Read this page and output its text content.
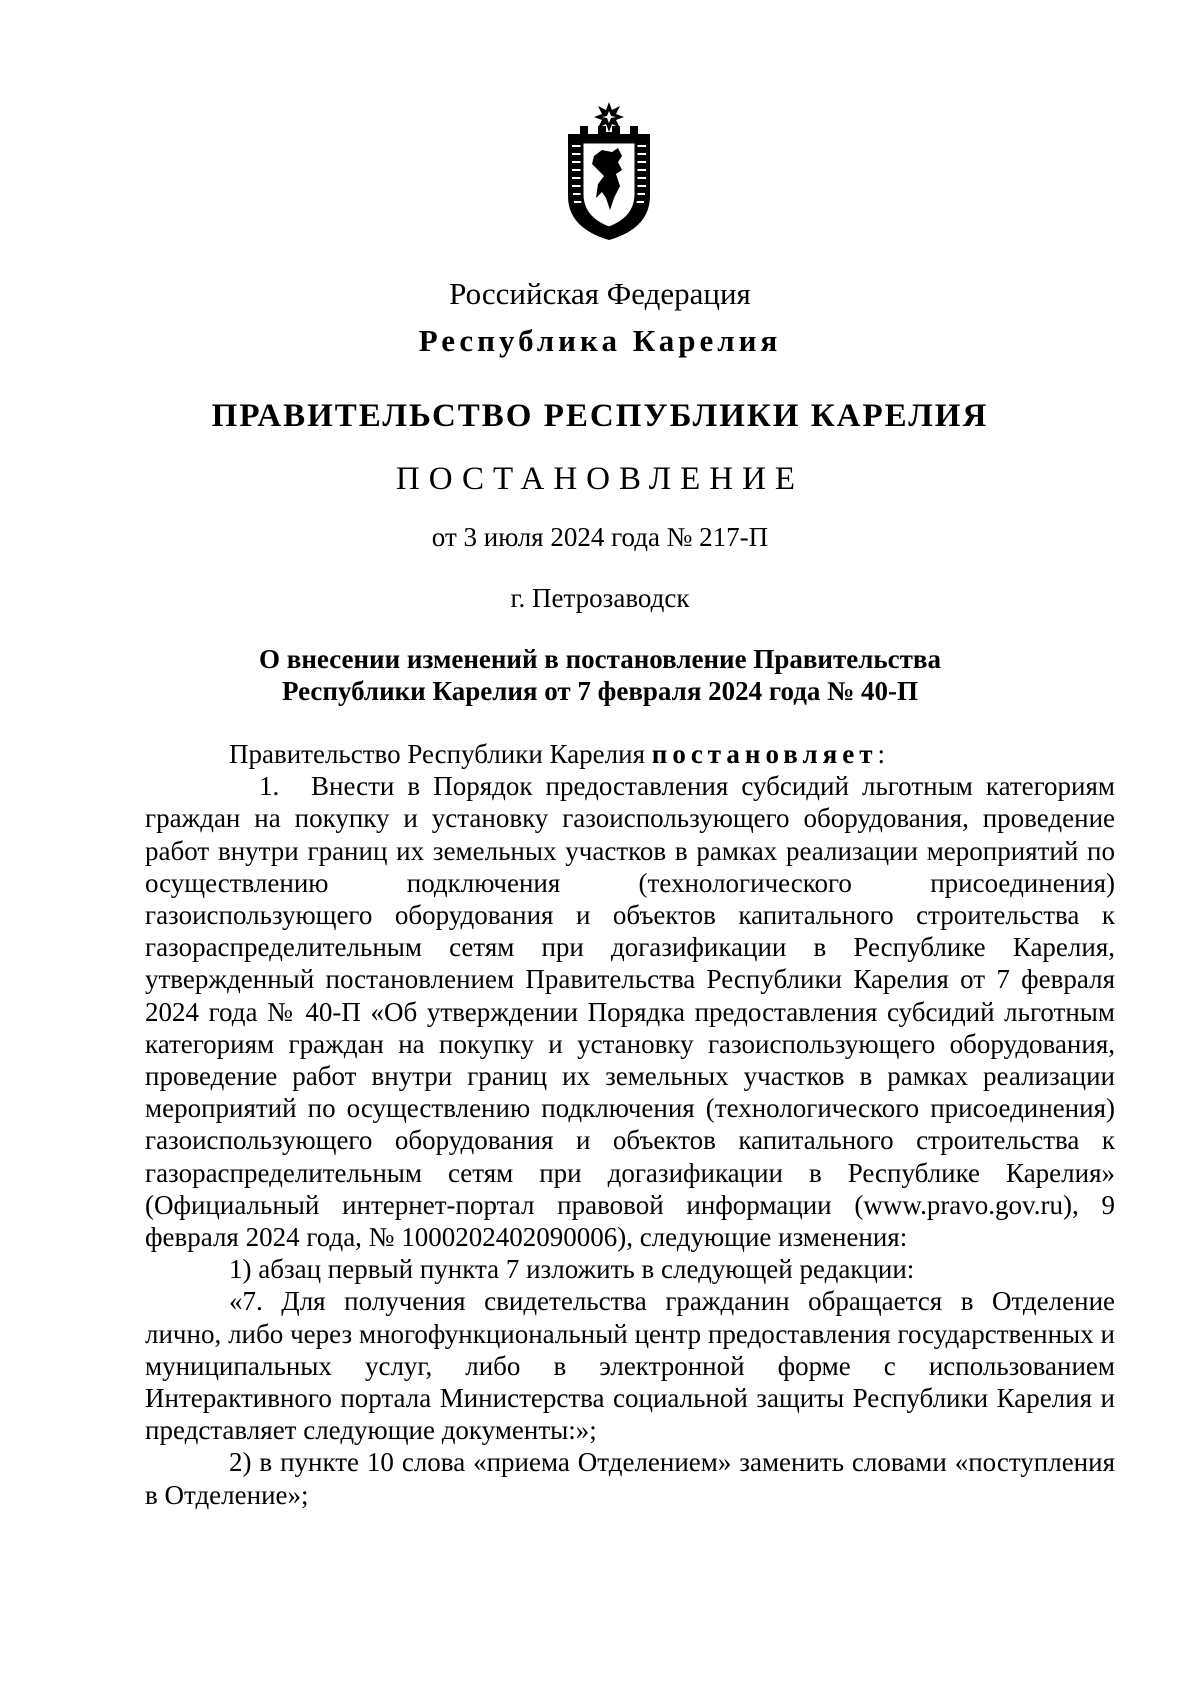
Российская Федерация
Республика Карелия
ПРАВИТЕЛЬСТВО РЕСПУБЛИКИ КАРЕЛИЯ
ПОСТАНОВЛЕНИЕ
от 3 июля 2024 года № 217-П
г. Петрозаводск
О внесении изменений в постановление Правительства
Республики Карелия от 7 февраля 2024 года № 40-П

Правительство Республики Карелия постановляет:

1. Внести в Порядок предоставления субсидий льготным категориям граждан на покупку и установку газоиспользующего оборудования, проведение работ внутри границ их земельных участков в рамках реализации мероприятий по осуществлению подключения (технологического присоединения) газоиспользующего оборудования и объектов капитального строительства к газораспределительным сетям при догазификации в Республике Карелия, утвержденный постановлением Правительства Республики Карелия от 7 февраля 2024 года № 40-П «Об утверждении Порядка предоставления субсидий льготным категориям граждан на покупку и установку газоиспользующего оборудования, проведение работ внутри границ их земельных участков в рамках реализации мероприятий по осуществлению подключения (технологического присоединения) газоиспользующего оборудования и объектов капитального строительства к газораспределительным сетям при догазификации в Республике Карелия» (Официальный интернет-портал правовой информации (www.pravo.gov.ru), 9 февраля 2024 года, № 1000202402090006), следующие изменения:

1) абзац первый пункта 7 изложить в следующей редакции:

«7. Для получения свидетельства гражданин обращается в Отделение лично, либо через многофункциональный центр предоставления государственных и муниципальных услуг, либо в электронной форме с использованием Интерактивного портала Министерства социальной защиты Республики Карелия и представляет следующие документы:»;

2) в пункте 10 слова «приема Отделением» заменить словами «поступления в Отделение»;
